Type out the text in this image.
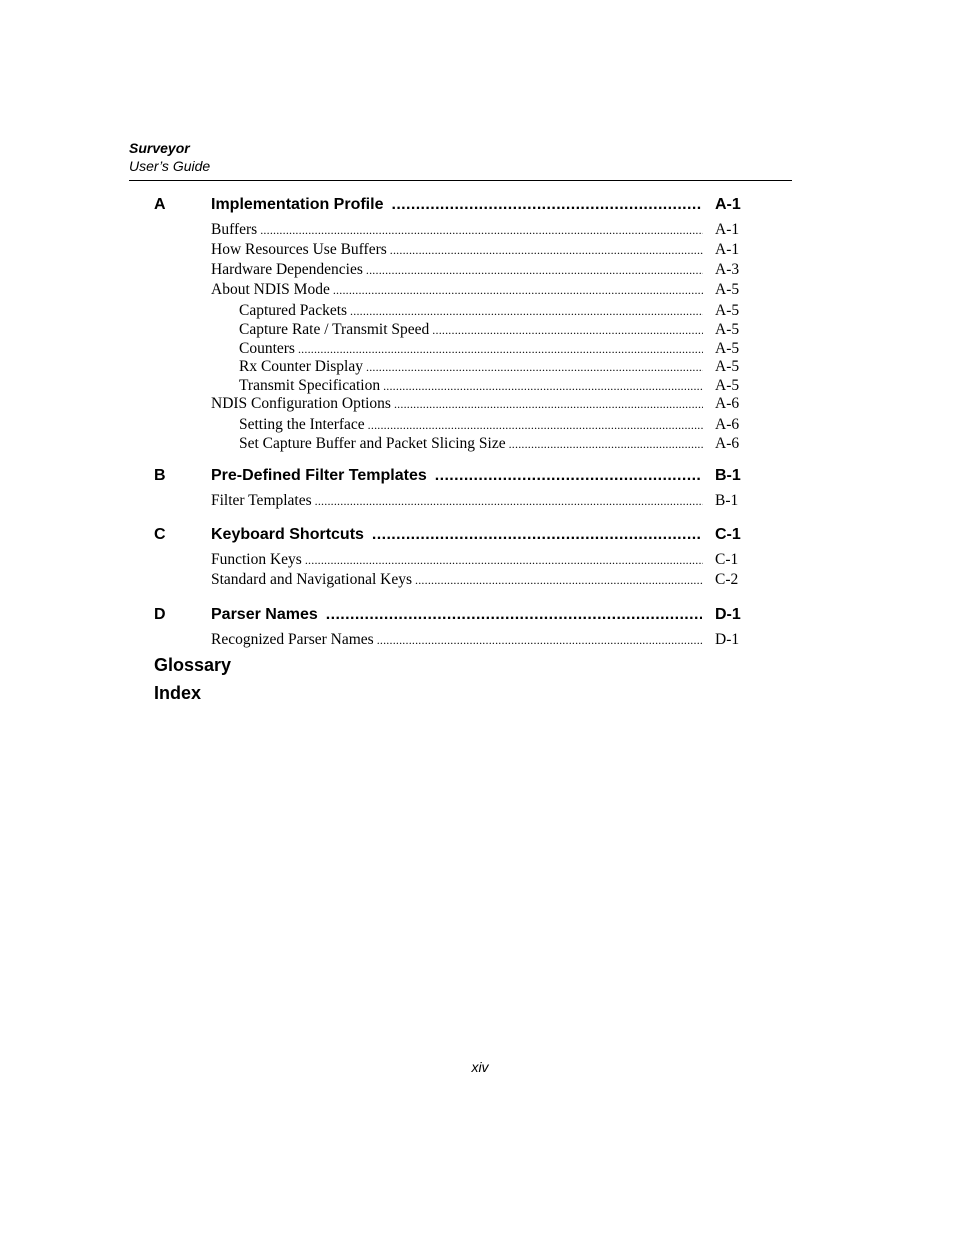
Surveyor
User’s Guide
A	Implementation Profile .....	A-1
Buffers .....	A-1
How Resources Use Buffers .....	A-1
Hardware Dependencies .....	A-3
About NDIS Mode .....	A-5
Captured Packets .....	A-5
Capture Rate / Transmit Speed .....	A-5
Counters .....	A-5
Rx Counter Display .....	A-5
Transmit Specification .....	A-5
NDIS Configuration Options .....	A-6
Setting the Interface .....	A-6
Set Capture Buffer and Packet Slicing Size .....	A-6
B	Pre-Defined Filter Templates .....	B-1
Filter Templates .....	B-1
C	Keyboard Shortcuts .....	C-1
Function Keys .....	C-1
Standard and Navigational Keys .....	C-2
D	Parser Names .....	D-1
Recognized Parser Names .....	D-1
Glossary
Index
xiv
